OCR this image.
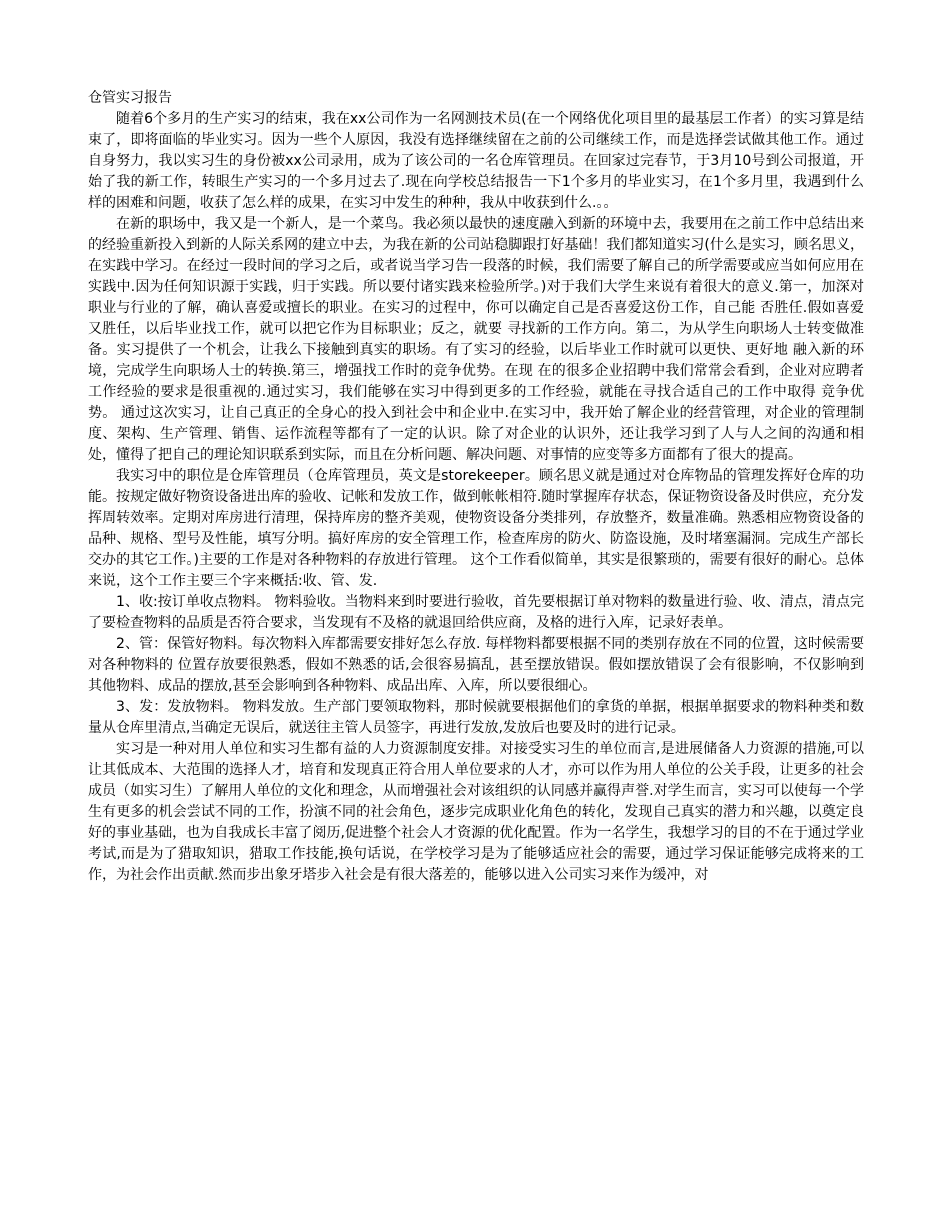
仓管实习报告

随着6个多月的生产实习的结束，我在xx公司作为一名网测技术员(在一个网络优化项目里的最基层工作者）的实习算是结束了，即将面临的毕业实习。因为一些个人原因，我没有选择继续留在之前的公司继续工作，而是选择尝试做其他工作。通过自身努力，我以实习生的身份被xx公司录用，成为了该公司的一名仓库管理员。在回家过完春节，于3月10号到公司报道，开始了我的新工作，转眼生产实习的一个多月过去了.现在向学校总结报告一下1个多月的毕业实习，在1个多月里，我遇到什么样的困难和问题，收获了怎么样的成果，在实习中发生的种种，我从中收获到什么.。。

在新的职场中，我又是一个新人，是一个菜鸟。我必须以最快的速度融入到新的环境中去，我要用在之前工作中总结出来的经验重新投入到新的人际关系网的建立中去，为我在新的公司站稳脚跟打好基础！我们都知道实习(什么是实习，顾名思义，在实践中学习。在经过一段时间的学习之后，或者说当学习告一段落的时候，我们需要了解自己的所学需要或应当如何应用在实践中.因为任何知识源于实践，归于实践。所以要付诸实践来检验所学。)对于我们大学生来说有着很大的意义.第一，加深对职业与行业的了解，确认喜爱或擅长的职业。在实习的过程中，你可以确定自己是否喜爱这份工作，自己能 否胜任.假如喜爱又胜任，以后毕业找工作，就可以把它作为目标职业；反之，就要 寻找新的工作方向。第二，为从学生向职场人士转变做准备。实习提供了一个机会，让我么下接触到真实的职场。有了实习的经验，以后毕业工作时就可以更快、更好地 融入新的环境，完成学生向职场人士的转换.第三，增强找工作时的竞争优势。在现 在的很多企业招聘中我们常常会看到，企业对应聘者工作经验的要求是很重视的.通过实习，我们能够在实习中得到更多的工作经验，就能在寻找合适自己的工作中取得 竞争优势。 通过这次实习，让自己真正的全身心的投入到社会中和企业中.在实习中，我开始了解企业的经营管理，对企业的管理制度、架构、生产管理、销售、运作流程等都有了一定的认识。除了对企业的认识外，还让我学习到了人与人之间的沟通和相处，懂得了把自己的理论知识联系到实际，而且在分析问题、解决问题、对事情的应变等多方面都有了很大的提高。

我实习中的职位是仓库管理员（仓库管理员，英文是storekeeper。顾名思义就是通过对仓库物品的管理发挥好仓库的功能。按规定做好物资设备进出库的验收、记帐和发放工作，做到帐帐相符.随时掌握库存状态，保证物资设备及时供应，充分发挥周转效率。定期对库房进行清理，保持库房的整齐美观，使物资设备分类排列，存放整齐，数量准确。熟悉相应物资设备的品种、规格、型号及性能，填写分明。搞好库房的安全管理工作，检查库房的防火、防盗设施，及时堵塞漏洞。完成生产部长交办的其它工作。)主要的工作是对各种物料的存放进行管理。 这个工作看似简单，其实是很繁琐的，需要有很好的耐心。总体来说，这个工作主要三个字来概括:收、管、发.

1、收:按订单收点物料。 物料验收。当物料来到时要进行验收，首先要根据订单对物料的数量进行验、收、清点，清点完了要检查物料的品质是否符合要求，当发现有不及格的就退回给供应商，及格的进行入库，记录好表单。

2、管：保管好物料。每次物料入库都需要安排好怎么存放. 每样物料都要根据不同的类别存放在不同的位置，这时候需要对各种物料的 位置存放要很熟悉，假如不熟悉的话,会很容易搞乱，甚至摆放错误。假如摆放错误了会有很影响，不仅影响到其他物料、成品的摆放,甚至会影响到各种物料、成品出库、入库，所以要很细心。

3、发：发放物料。 物料发放。生产部门要领取物料，那时候就要根据他们的拿货的单据，根据单据要求的物料种类和数量从仓库里清点,当确定无误后，就送往主管人员签字，再进行发放,发放后也要及时的进行记录。

实习是一种对用人单位和实习生都有益的人力资源制度安排。对接受实习生的单位而言,是进展储备人力资源的措施,可以让其低成本、大范围的选择人才，培育和发现真正符合用人单位要求的人才，亦可以作为用人单位的公关手段，让更多的社会成员（如实习生）了解用人单位的文化和理念，从而增强社会对该组织的认同感并赢得声誉.对学生而言，实习可以使每一个学生有更多的机会尝试不同的工作，扮演不同的社会角色，逐步完成职业化角色的转化，发现自己真实的潜力和兴趣，以奠定良好的事业基础，也为自我成长丰富了阅历,促进整个社会人才资源的优化配置。作为一名学生，我想学习的目的不在于通过学业考试,而是为了猎取知识，猎取工作技能,换句话说，在学校学习是为了能够适应社会的需要，通过学习保证能够完成将来的工作，为社会作出贡献.然而步出象牙塔步入社会是有很大落差的，能够以进入公司实习来作为缓冲，对
